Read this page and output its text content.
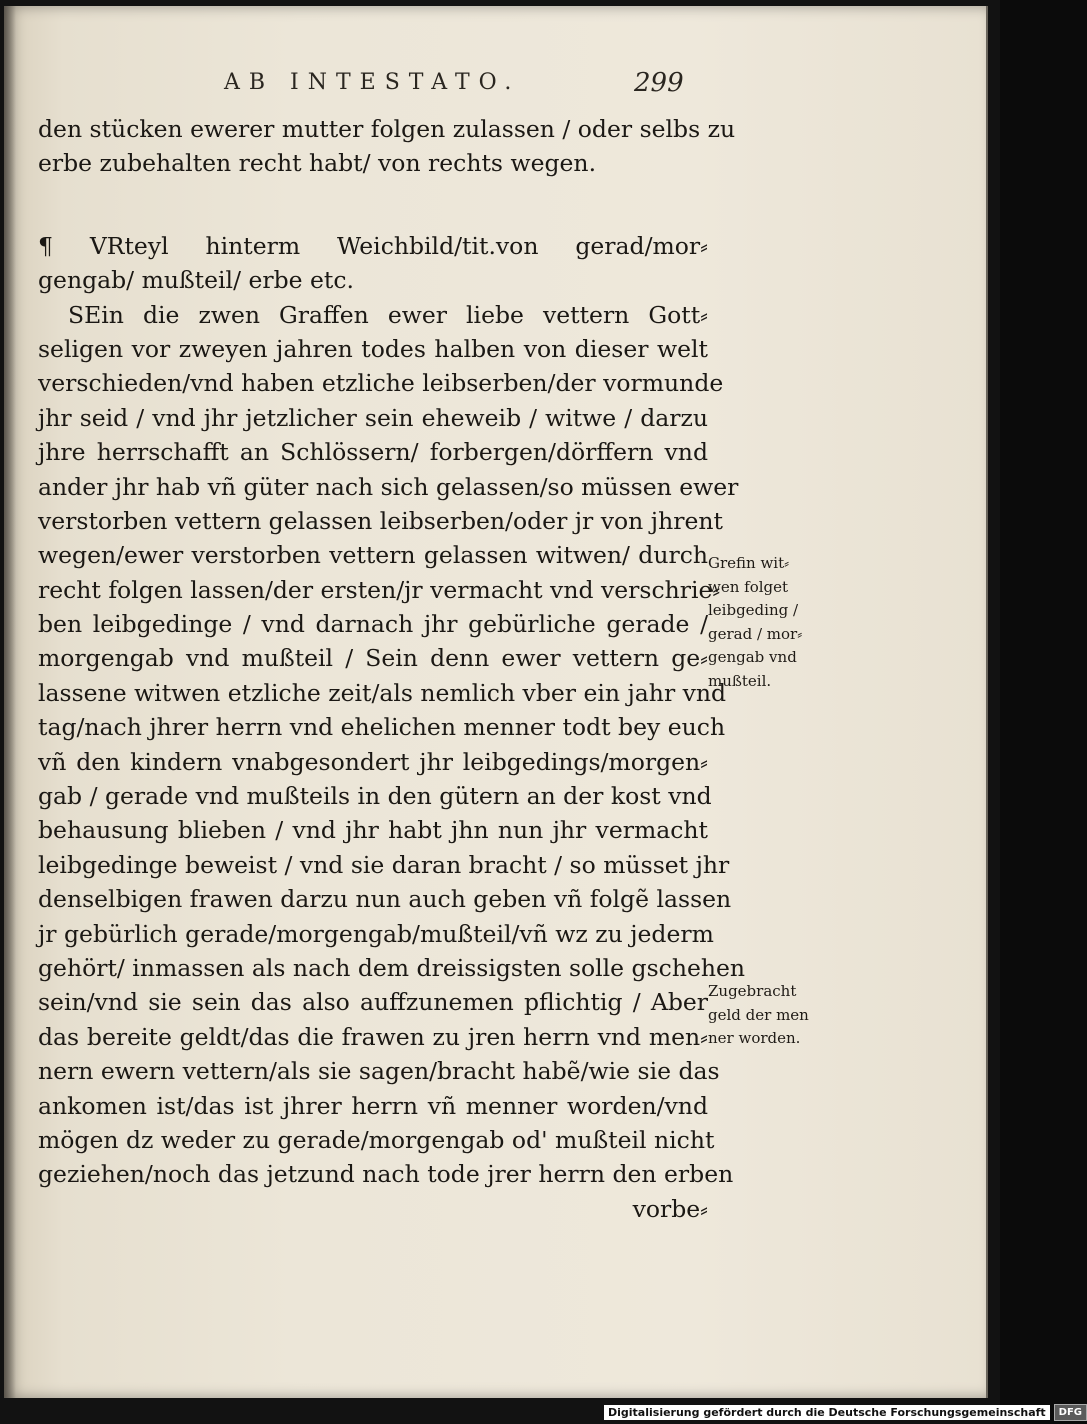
AB INTESTATO.	299
den stücken ewerer mutter folgen zulassen / oder selbs zu
erbe zubehalten recht habt/ von rechts wegen.
¶ VRteyl hinterm Weichbild/tit.von gerad/mor⸗
gengab/ mußteil/ erbe etc.
SEin die zwen Graffen ewer liebe vettern Gott⸗
seligen vor zweyen jahren todes halben von dieser welt
verschieden/vnd haben etzliche leibserben/der vormunde
jhr seid / vnd jhr jetzlicher sein eheweib / witwe / darzu
jhre herrschafft an Schlössern/ forbergen/dörffern vnd
ander jhr hab vñ güter nach sich gelassen/so müssen ewer
verstorben vettern gelassen leibserben/oder jr von jhrent
wegen/ewer verstorben vettern gelassen witwen/ durch
recht folgen lassen/der ersten/jr vermacht vnd verschrie⸗
ben leibgedinge / vnd darnach jhr gebürliche gerade /
morgengab vnd mußteil / Sein denn ewer vettern ge⸗
lassene witwen etzliche zeit/als nemlich vber ein jahr vnd
tag/nach jhrer herrn vnd ehelichen menner todt bey euch
vñ den kindern vnabgesondert jhr leibgedings/morgen⸗
gab / gerade vnd mußteils in den gütern an der kost vnd
behausung blieben / vnd jhr habt jhn nun jhr vermacht
leibgedinge beweist / vnd sie daran bracht / so müsset jhr
denselbigen frawen darzu nun auch geben vñ folgẽ lassen
jr gebürlich gerade/morgengab/mußteil/vñ wz zu jederm
gehört/ inmassen als nach dem dreissigsten solle gschehen
sein/vnd sie sein das also auffzunemen pflichtig / Aber
das bereite geldt/das die frawen zu jren herrn vnd men⸗
nern ewern vettern/als sie sagen/bracht habẽ/wie sie das
ankomen ist/das ist jhrer herrn vñ menner worden/vnd
mögen dz weder zu gerade/morgengab od' mußteil nicht
geziehen/noch das jetzund nach tode jrer herrn den erben
vorbe⸗
Grefin wit⸗
wen folget
leibgeding /
gerad / mor⸗
gengab vnd
mußteil.
Zugebracht
geld der men
ner worden.
Digitalisierung gefördert durch die Deutsche Forschungsgemeinschaft	DFG
